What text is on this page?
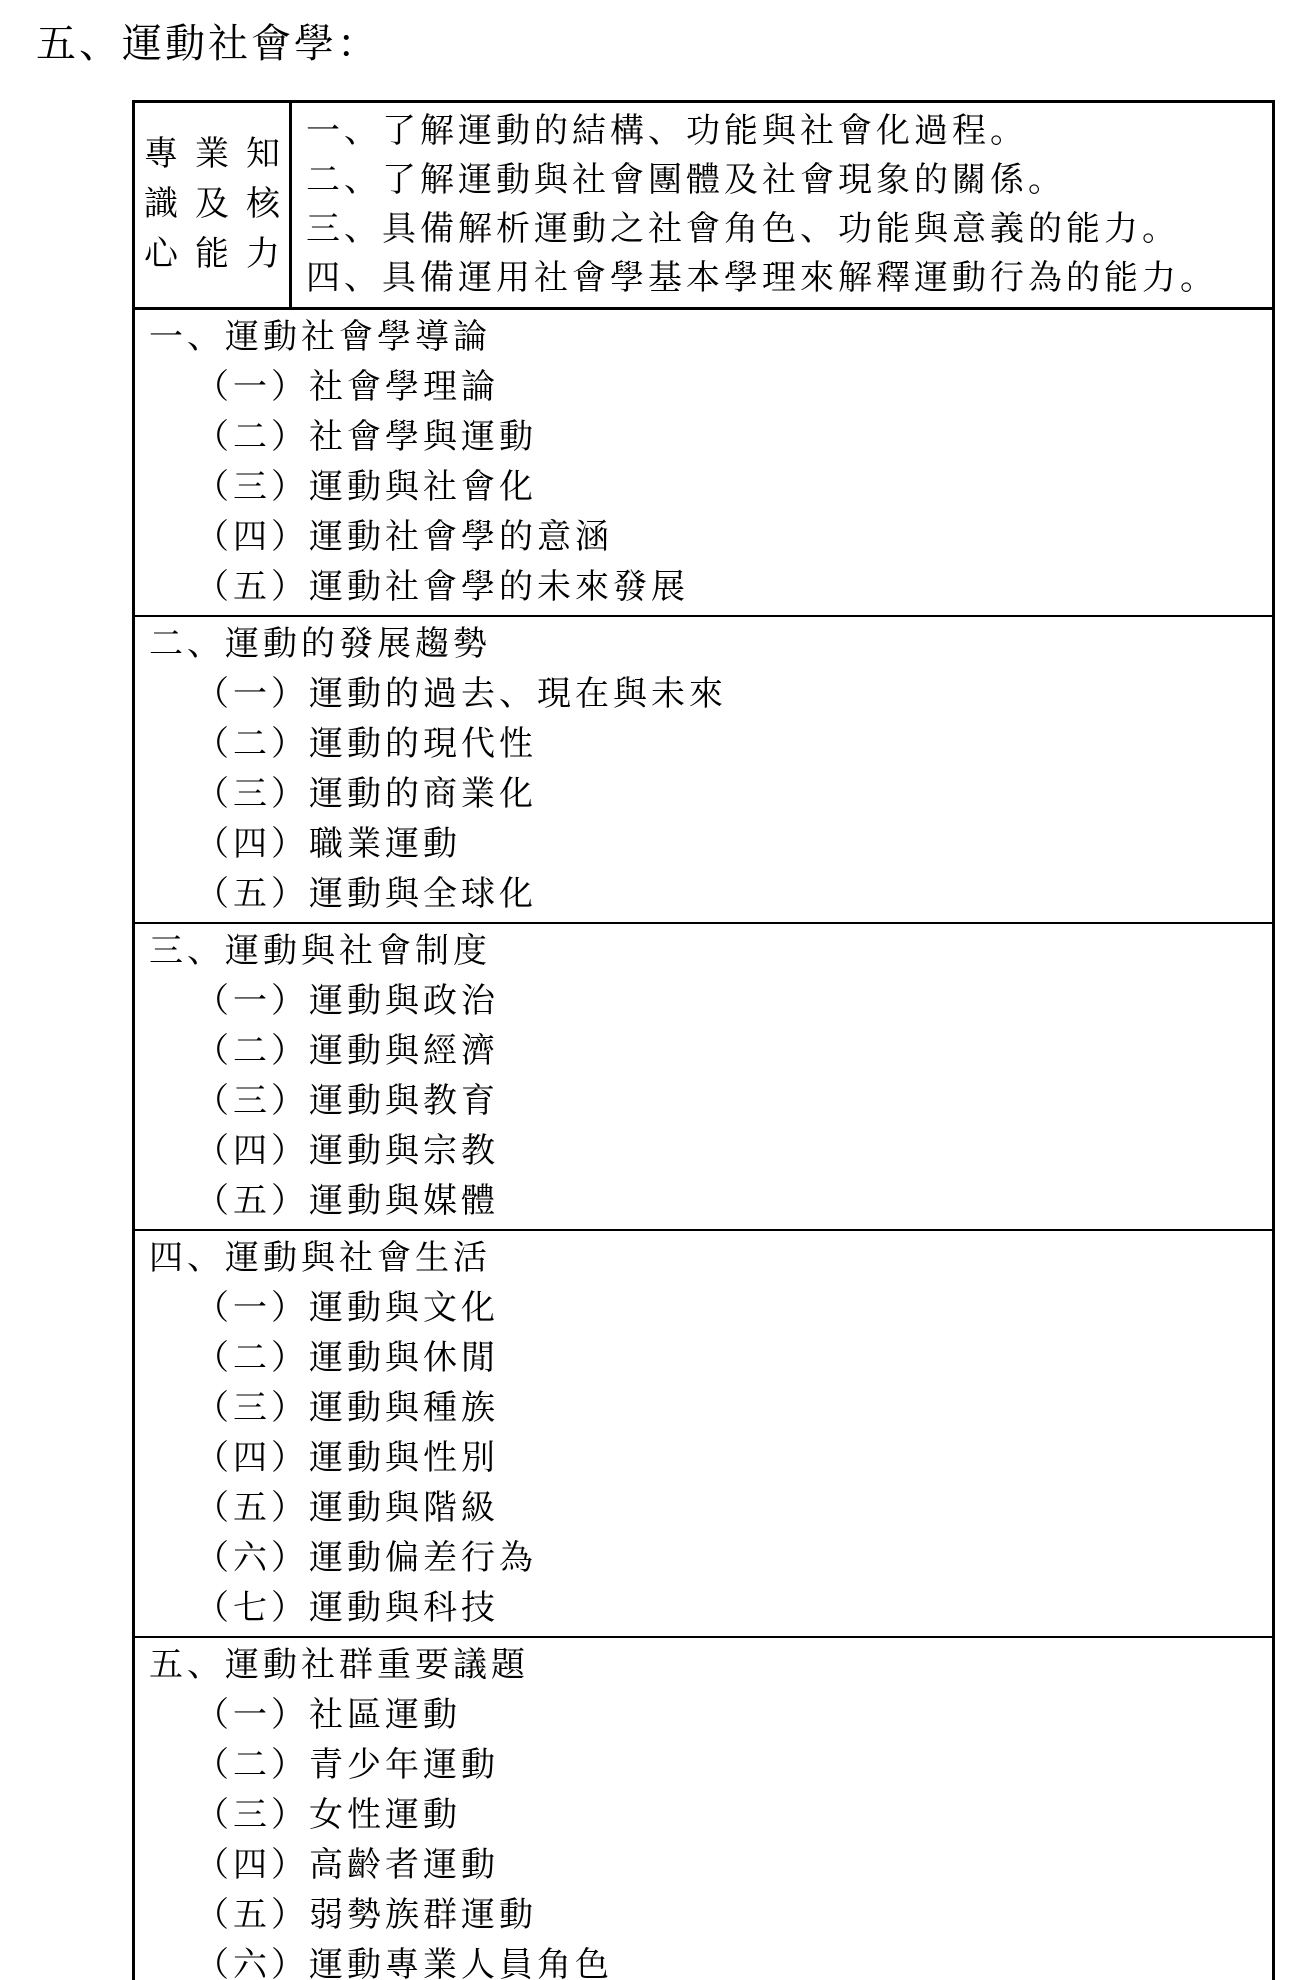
五、運動社會學：
專業知
識及核
心能力
一、了解運動的結構、功能與社會化過程。
二、了解運動與社會團體及社會現象的關係。
三、具備解析運動之社會角色、功能與意義的能力。
四、具備運用社會學基本學理來解釋運動行為的能力。
一、運動社會學導論
（一）社會學理論
（二）社會學與運動
（三）運動與社會化
（四）運動社會學的意涵
（五）運動社會學的未來發展
二、運動的發展趨勢
（一）運動的過去、現在與未來
（二）運動的現代性
（三）運動的商業化
（四）職業運動
（五）運動與全球化
三、運動與社會制度
（一）運動與政治
（二）運動與經濟
（三）運動與教育
（四）運動與宗教
（五）運動與媒體
四、運動與社會生活
（一）運動與文化
（二）運動與休閒
（三）運動與種族
（四）運動與性別
（五）運動與階級
（六）運動偏差行為
（七）運動與科技
五、運動社群重要議題
（一）社區運動
（二）青少年運動
（三）女性運動
（四）高齡者運動
（五）弱勢族群運動
（六）運動專業人員角色
